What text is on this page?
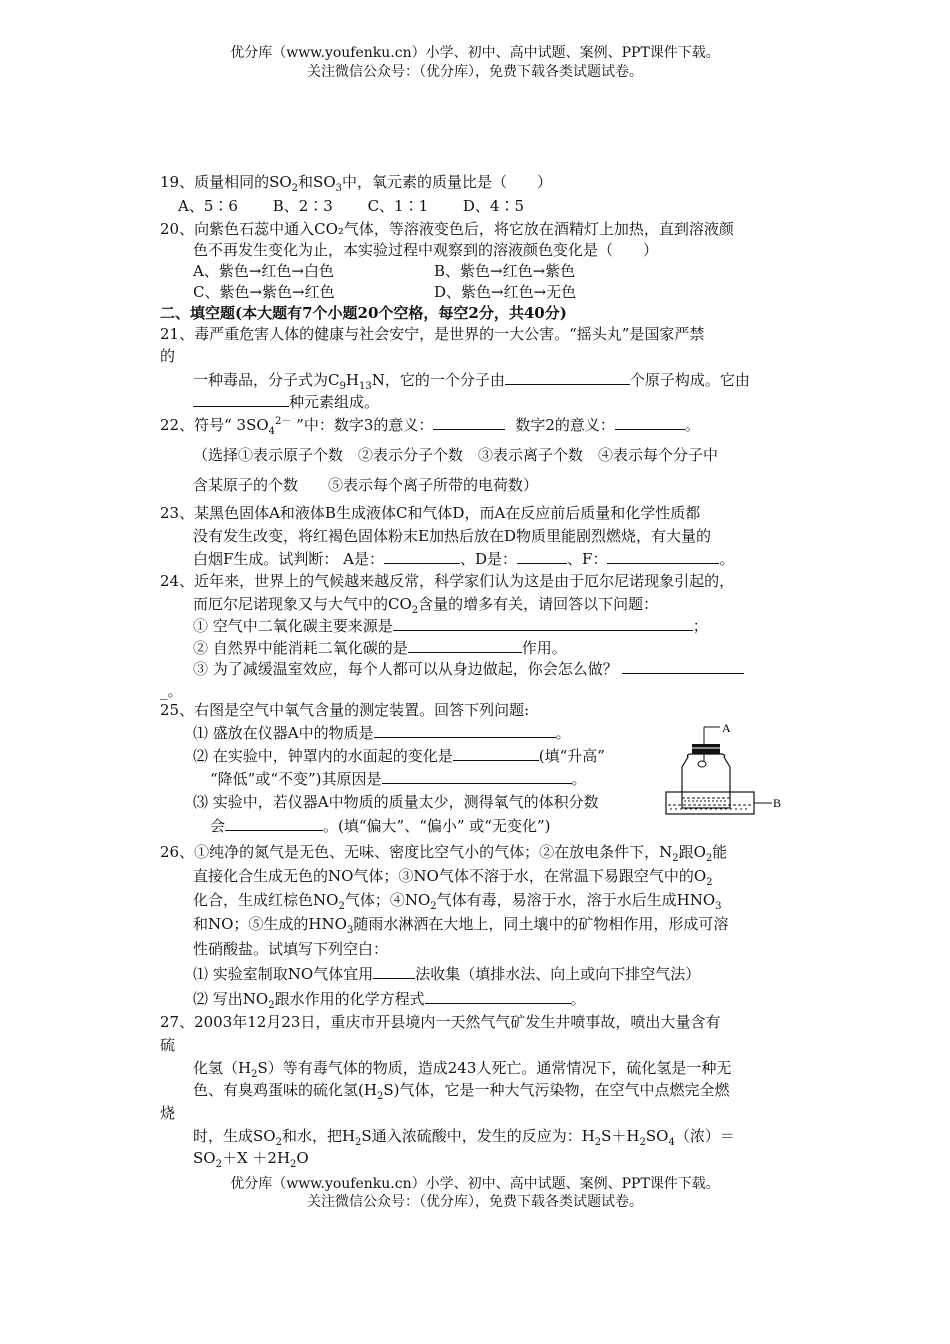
优分库（www.youfenku.cn）小学、初中、高中试题、案例、PPT课件下载。
关注微信公众号：（优分库），免费下载各类试题试卷。
19、质量相同的$SO_2$和$SO_3$中，氧元素的质量比是（　　）
A、5∶6　　 B、2∶3　　 C、1∶1　　 D、4∶5
20、向紫色石蕊中通入CO₂气体，等溶液变色后，将它放在酒精灯上加热，直到溶液颜
色不再发生变化为止，本实验过程中观察到的溶液颜色变化是（　　）
A、紫色→红色→白色	B、紫色→红色→紫色
C、紫色→紫色→红色	D、紫色→红色→无色
二、填空题(本大题有7个小题20个空格，每空2分，共40分)
21、毒严重危害人体的健康与社会安宁，是世界的一大公害。“摇头丸”是国家严禁
的
一种毒品，分子式为$C_9H_{13}N$，它的一个分子由	个原子构成。它由
种元素组成。
22、符号“ $3SO_4^{2-}$ ”中：数字3的意义：	数字2的意义：	。
（选择①表示原子个数　②表示分子个数　③表示离子个数　④表示每个分子中
含某原子的个数　　⑤表示每个离子所带的电荷数）
23、某黑色固体A和液体B生成液体C和气体D，而A在反应前后质量和化学性质都
没有发生改变，将红褐色固体粉末E加热后放在D物质里能剧烈燃烧，有大量的
白烟F生成。试判断： A是：	、D是：	、F：	。
24、近年来，世界上的气候越来越反常，科学家们认为这是由于厄尔尼诺现象引起的，
而厄尔尼诺现象又与大气中的$CO_2$含量的增多有关，请回答以下问题：
① 空气中二氧化碳主要来源是	；
② 自然界中能消耗二氧化碳的是	作用。
③ 为了减缓温室效应，每个人都可以从身边做起，你会怎么做？
_。
25、右图是空气中氧气含量的测定装置。回答下列问题:
⑴ 盛放在仪器A中的物质是	。
⑵ 在实验中，钟罩内的水面起的变化是	(填“升高”
“降低”或“不变”)其原因是	。
⑶ 实验中，若仪器A中物质的质量太少，测得氧气的体积分数
会	。(填“偏大”、“偏小” 或“无变化”)
A
B
26、①纯净的氮气是无色、无味、密度比空气小的气体；②在放电条件下，$N_2$跟$O_2$能
直接化合生成无色的NO气体；③NO气体不溶于水，在常温下易跟空气中的$O_2$
化合，生成红棕色$NO_2$气体；$④NO_2$气体有毒，易溶于水，溶于水后生成$HNO_3$
和NO；⑤生成的$HNO_3$随雨水淋洒在大地上，同土壤中的矿物相作用，形成可溶
性硝酸盐。试填写下列空白：
⑴ 实验室制取NO气体宜用	法收集（填排水法、向上或向下排空气法）
⑵ 写出$NO_2$跟水作用的化学方程式	。
27、2003年12月23日，重庆市开县境内一天然气气矿发生井喷事故，喷出大量含有
硫
化氢$(H_2S)$等有毒气体的物质，造成243人死亡。通常情况下，硫化氢是一种无
色、有臭鸡蛋味的硫化氢$(H_2S)$气体，它是一种大气污染物，在空气中点燃完全燃
烧
时，生成$SO_2$和水，把$H_2S$通入浓硫酸中，发生的反应为：$H_2S+H_2SO_4$（浓）＝
$SO_2+X +2H_2O$
优分库（www.youfenku.cn）小学、初中、高中试题、案例、PPT课件下载。
关注微信公众号：（优分库），免费下载各类试题试卷。
